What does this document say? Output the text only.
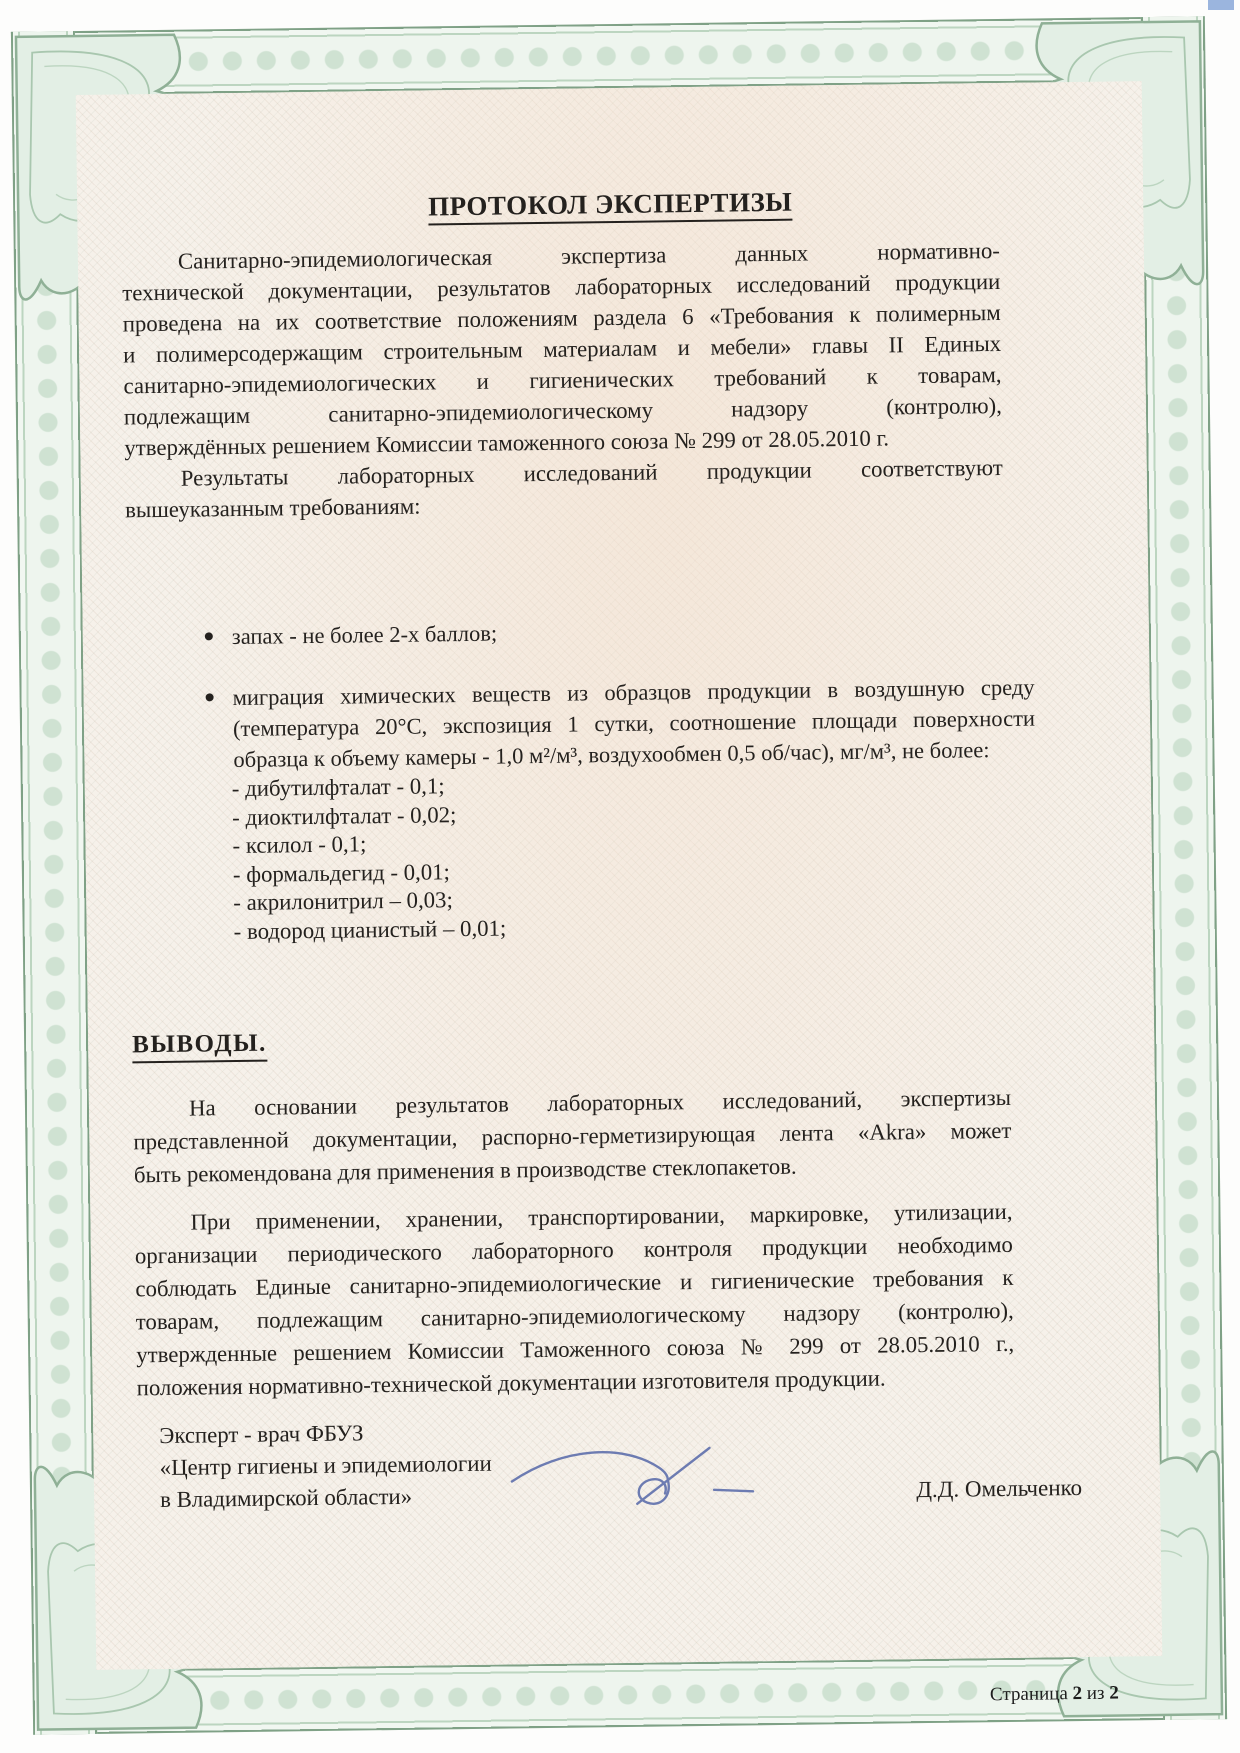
ПРОТОКОЛ ЭКСПЕРТИЗЫ
Санитарно-эпидемиологическая экспертиза данных нормативно-
технической документации, результатов лабораторных исследований продукции
проведена на их соответствие положениям раздела 6 «Требования к полимерным
и полимерсодержащим строительным материалам и мебели» главы II Единых
санитарно-эпидемиологических и гигиенических требований к товарам,
подлежащим санитарно-эпидемиологическому надзору (контролю),
утверждённых решением Комиссии таможенного союза № 299 от 28.05.2010 г.
Результаты лабораторных исследований продукции соответствуют
вышеуказанным требованиям:
запах - не более 2-х баллов;
миграция химических веществ из образцов продукции в воздушную среду
(температура 20°С, экспозиция 1 сутки, соотношение площади поверхности
образца к объему камеры - 1,0 м²/м³, воздухообмен 0,5 об/час), мг/м³, не более:
- дибутилфталат - 0,1;
- диоктилфталат - 0,02;
- ксилол - 0,1;
- формальдегид - 0,01;
- акрилонитрил – 0,03;
- водород цианистый – 0,01;
ВЫВОДЫ.
На основании результатов лабораторных исследований, экспертизы
представленной документации, распорно-герметизирующая лента «Akra» может
быть рекомендована для применения в производстве стеклопакетов.
При применении, хранении, транспортировании, маркировке, утилизации,
организации периодического лабораторного контроля продукции необходимо
соблюдать Единые санитарно-эпидемиологические и гигиенические требования к
товарам, подлежащим санитарно-эпидемиологическому надзору (контролю),
утвержденные решением Комиссии Таможенного союза № 299 от 28.05.2010 г.,
положения нормативно-технической документации изготовителя продукции.
Эксперт - врач ФБУЗ
«Центр гигиены и эпидемиологии
в Владимирской области»	Д.Д. Омельченко
Страница 2 из 2
